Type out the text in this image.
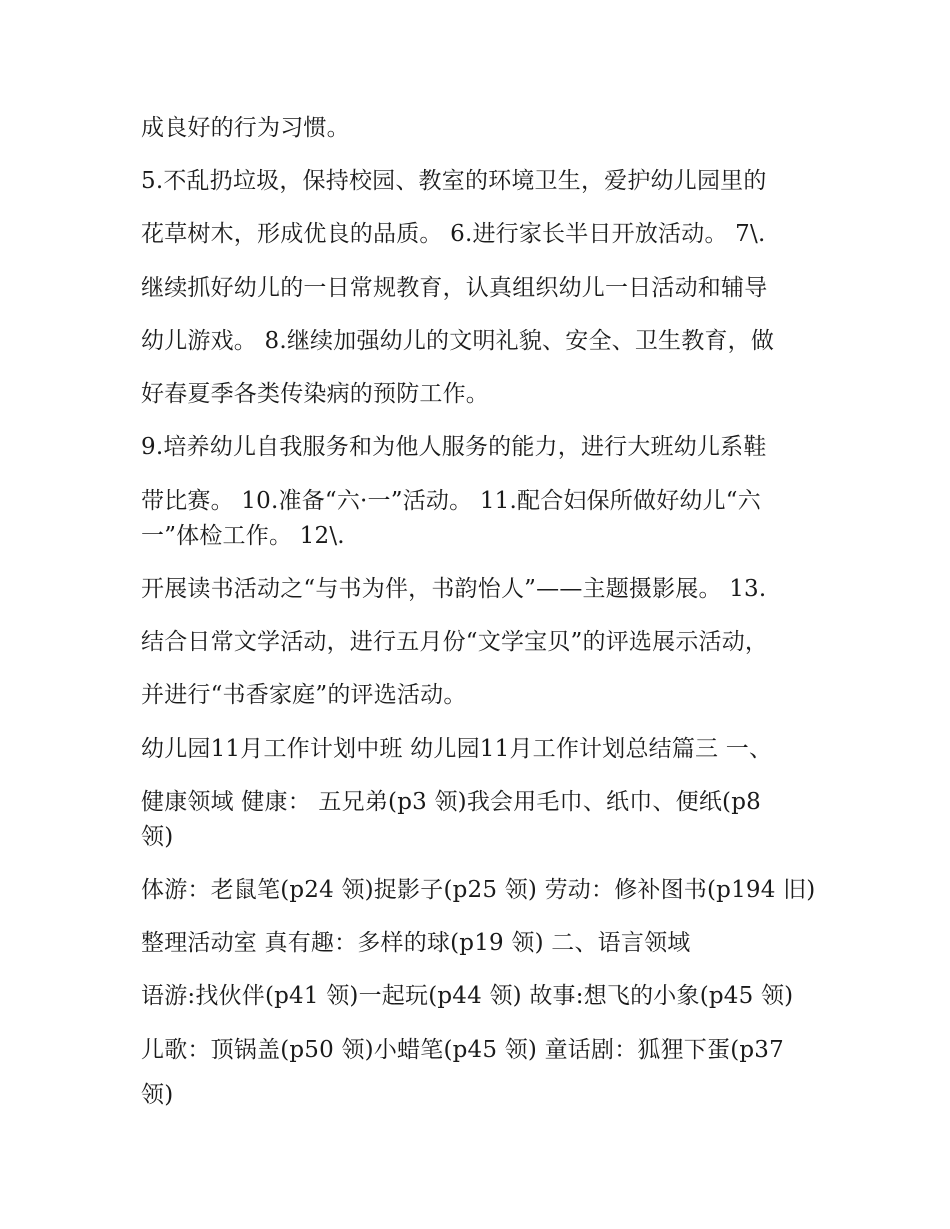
成良好的行为习惯。
5.不乱扔垃圾，保持校园、教室的环境卫生，爱护幼儿园里的
花草树木，形成优良的品质。 6.进行家长半日开放活动。 7\.
继续抓好幼儿的一日常规教育，认真组织幼儿一日活动和辅导
幼儿游戏。 8.继续加强幼儿的文明礼貌、安全、卫生教育，做
好春夏季各类传染病的预防工作。
9.培养幼儿自我服务和为他人服务的能力，进行大班幼儿系鞋
带比赛。 10.准备“六·一”活动。 11.配合妇保所做好幼儿“六
一”体检工作。 12\.
开展读书活动之“与书为伴，书韵怡人”——主题摄影展。 13.
结合日常文学活动，进行五月份“文学宝贝”的评选展示活动，
并进行“书香家庭”的评选活动。
幼儿园11月工作计划中班 幼儿园11月工作计划总结篇三 一、
健康领域 健康： 五兄弟(p3 领)我会用毛巾、纸巾、便纸(p8
领)
体游：老鼠笔(p24 领)捉影子(p25 领) 劳动：修补图书(p194 旧)
整理活动室 真有趣：多样的球(p19 领) 二、语言领域
语游:找伙伴(p41 领)一起玩(p44 领) 故事:想飞的小象(p45 领)
儿歌：顶锅盖(p50 领)小蜡笔(p45 领) 童话剧：狐狸下蛋(p37
领)
